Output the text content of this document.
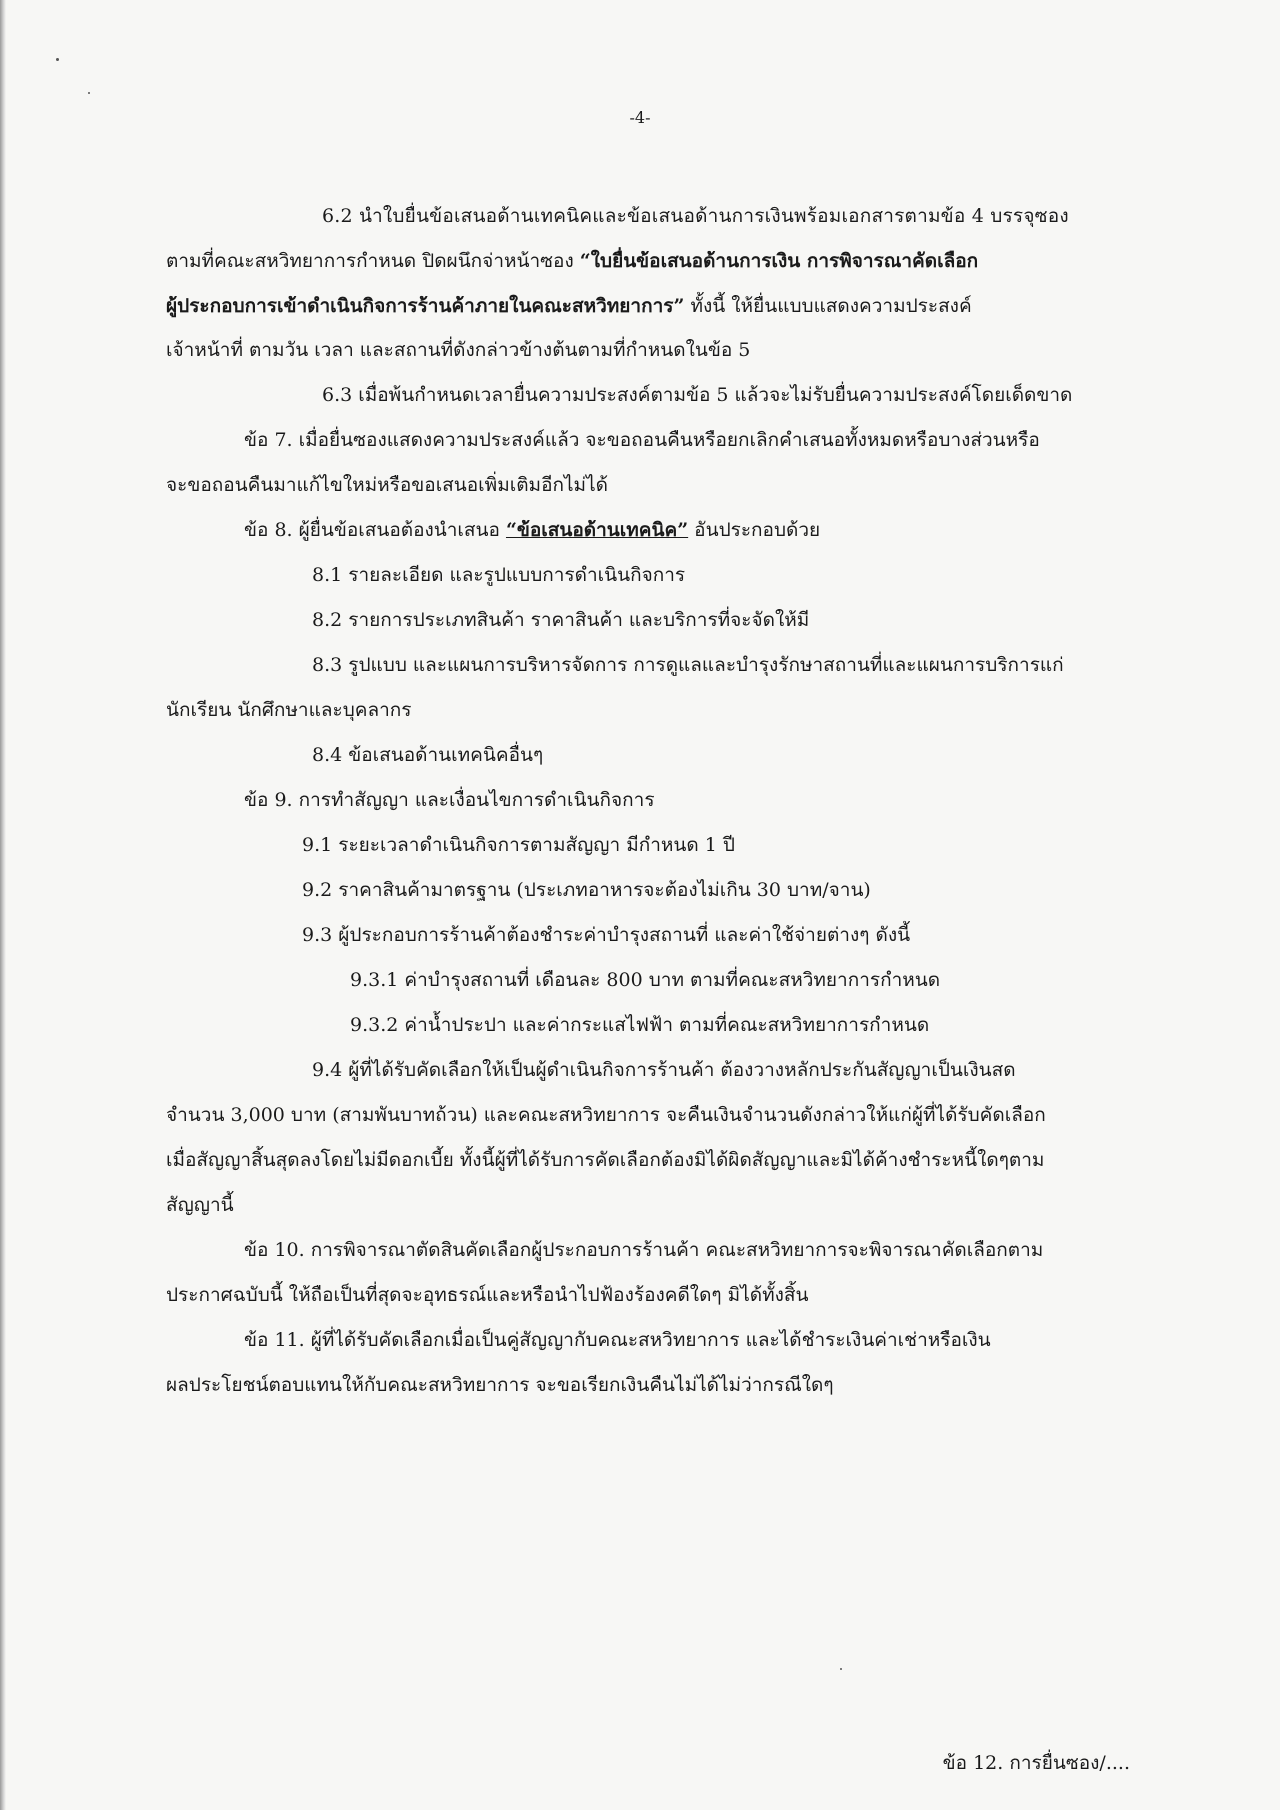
-4-
6.2 นำใบยื่นข้อเสนอด้านเทคนิคและข้อเสนอด้านการเงินพร้อมเอกสารตามข้อ 4 บรรจุซอง
ตามที่คณะสหวิทยาการกำหนด ปิดผนึกจ่าหน้าซอง “ใบยื่นข้อเสนอด้านการเงิน การพิจารณาคัดเลือก
ผู้ประกอบการเข้าดำเนินกิจการร้านค้าภายในคณะสหวิทยาการ” ทั้งนี้ ให้ยื่นแบบแสดงความประสงค์
เจ้าหน้าที่ ตามวัน เวลา และสถานที่ดังกล่าวข้างต้นตามที่กำหนดในข้อ 5
6.3 เมื่อพ้นกำหนดเวลายื่นความประสงค์ตามข้อ 5 แล้วจะไม่รับยื่นความประสงค์โดยเด็ดขาด
ข้อ 7. เมื่อยื่นซองแสดงความประสงค์แล้ว จะขอถอนคืนหรือยกเลิกคำเสนอทั้งหมดหรือบางส่วนหรือ
จะขอถอนคืนมาแก้ไขใหม่หรือขอเสนอเพิ่มเติมอีกไม่ได้
ข้อ 8. ผู้ยื่นข้อเสนอต้องนำเสนอ “ข้อเสนอด้านเทคนิค” อันประกอบด้วย
8.1 รายละเอียด และรูปแบบการดำเนินกิจการ
8.2 รายการประเภทสินค้า ราคาสินค้า และบริการที่จะจัดให้มี
8.3 รูปแบบ และแผนการบริหารจัดการ การดูแลและบำรุงรักษาสถานที่และแผนการบริการแก่
นักเรียน นักศึกษาและบุคลากร
8.4 ข้อเสนอด้านเทคนิคอื่นๆ
ข้อ 9. การทำสัญญา และเงื่อนไขการดำเนินกิจการ
9.1 ระยะเวลาดำเนินกิจการตามสัญญา มีกำหนด 1 ปี
9.2 ราคาสินค้ามาตรฐาน (ประเภทอาหารจะต้องไม่เกิน 30 บาท/จาน)
9.3 ผู้ประกอบการร้านค้าต้องชำระค่าบำรุงสถานที่ และค่าใช้จ่ายต่างๆ ดังนี้
9.3.1 ค่าบำรุงสถานที่ เดือนละ 800 บาท ตามที่คณะสหวิทยาการกำหนด
9.3.2 ค่าน้ำประปา และค่ากระแสไฟฟ้า ตามที่คณะสหวิทยาการกำหนด
9.4 ผู้ที่ได้รับคัดเลือกให้เป็นผู้ดำเนินกิจการร้านค้า ต้องวางหลักประกันสัญญาเป็นเงินสด
จำนวน 3,000 บาท (สามพันบาทถ้วน) และคณะสหวิทยาการ จะคืนเงินจำนวนดังกล่าวให้แก่ผู้ที่ได้รับคัดเลือก
เมื่อสัญญาสิ้นสุดลงโดยไม่มีดอกเบี้ย ทั้งนี้ผู้ที่ได้รับการคัดเลือกต้องมิได้ผิดสัญญาและมิได้ค้างชำระหนี้ใดๆตาม
สัญญานี้
ข้อ 10. การพิจารณาตัดสินคัดเลือกผู้ประกอบการร้านค้า คณะสหวิทยาการจะพิจารณาคัดเลือกตาม
ประกาศฉบับนี้ ให้ถือเป็นที่สุดจะอุทธรณ์และหรือนำไปฟ้องร้องคดีใดๆ มิได้ทั้งสิ้น
ข้อ 11. ผู้ที่ได้รับคัดเลือกเมื่อเป็นคู่สัญญากับคณะสหวิทยาการ และได้ชำระเงินค่าเช่าหรือเงิน
ผลประโยชน์ตอบแทนให้กับคณะสหวิทยาการ จะขอเรียกเงินคืนไม่ได้ไม่ว่ากรณีใดๆ
ข้อ 12. การยื่นซอง/....
